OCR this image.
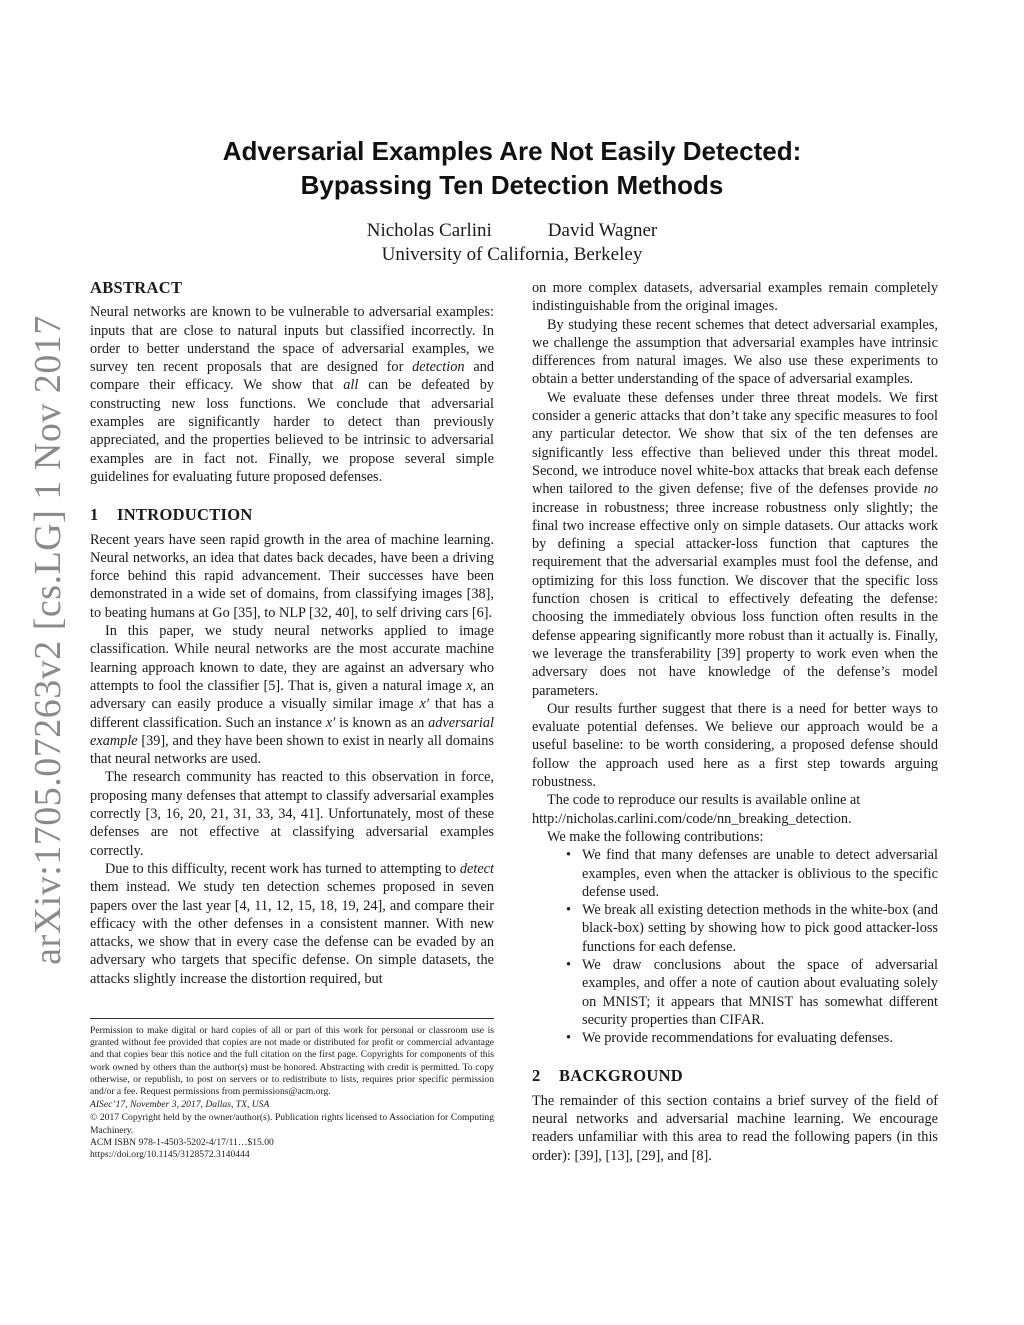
arXiv:1705.07263v2 [cs.LG] 1 Nov 2017
Adversarial Examples Are Not Easily Detected:
Bypassing Ten Detection Methods
Nicholas Carlini	David Wagner
University of California, Berkeley
ABSTRACT

Neural networks are known to be vulnerable to adversarial examples: inputs that are close to natural inputs but classified incorrectly. In order to better understand the space of adversarial examples, we survey ten recent proposals that are designed for detection and compare their efficacy. We show that all can be defeated by constructing new loss functions. We conclude that adversarial examples are significantly harder to detect than previously appreciated, and the properties believed to be intrinsic to adversarial examples are in fact not. Finally, we propose several simple guidelines for evaluating future proposed defenses.

1 INTRODUCTION

Recent years have seen rapid growth in the area of machine learning. Neural networks, an idea that dates back decades, have been a driving force behind this rapid advancement. Their successes have been demonstrated in a wide set of domains, from classifying images [38], to beating humans at Go [35], to NLP [32, 40], to self driving cars [6].

In this paper, we study neural networks applied to image classification. While neural networks are the most accurate machine learning approach known to date, they are against an adversary who attempts to fool the classifier [5]. That is, given a natural image x, an adversary can easily produce a visually similar image x′ that has a different classification. Such an instance x′ is known as an adversarial example [39], and they have been shown to exist in nearly all domains that neural networks are used.

The research community has reacted to this observation in force, proposing many defenses that attempt to classify adversarial examples correctly [3, 16, 20, 21, 31, 33, 34, 41]. Unfortunately, most of these defenses are not effective at classifying adversarial examples correctly.

Due to this difficulty, recent work has turned to attempting to detect them instead. We study ten detection schemes proposed in seven papers over the last year [4, 11, 12, 15, 18, 19, 24], and compare their efficacy with the other defenses in a consistent manner. With new attacks, we show that in every case the defense can be evaded by an adversary who targets that specific defense. On simple datasets, the attacks slightly increase the distortion required, but

Permission to make digital or hard copies of all or part of this work for personal or classroom use is granted without fee provided that copies are not made or distributed for profit or commercial advantage and that copies bear this notice and the full citation on the first page. Copyrights for components of this work owned by others than the author(s) must be honored. Abstracting with credit is permitted. To copy otherwise, or republish, to post on servers or to redistribute to lists, requires prior specific permission and/or a fee. Request permissions from permissions@acm.org.

AISec’17, November 3, 2017, Dallas, TX, USA

© 2017 Copyright held by the owner/author(s). Publication rights licensed to Association for Computing Machinery.

ACM ISBN 978-1-4503-5202-4/17/11…$15.00

https://doi.org/10.1145/3128572.3140444

on more complex datasets, adversarial examples remain completely indistinguishable from the original images.

By studying these recent schemes that detect adversarial examples, we challenge the assumption that adversarial examples have intrinsic differences from natural images. We also use these experiments to obtain a better understanding of the space of adversarial examples.

We evaluate these defenses under three threat models. We first consider a generic attacks that don’t take any specific measures to fool any particular detector. We show that six of the ten defenses are significantly less effective than believed under this threat model. Second, we introduce novel white-box attacks that break each defense when tailored to the given defense; five of the defenses provide no increase in robustness; three increase robustness only slightly; the final two increase effective only on simple datasets. Our attacks work by defining a special attacker-loss function that captures the requirement that the adversarial examples must fool the defense, and optimizing for this loss function. We discover that the specific loss function chosen is critical to effectively defeating the defense: choosing the immediately obvious loss function often results in the defense appearing significantly more robust than it actually is. Finally, we leverage the transferability [39] property to work even when the adversary does not have knowledge of the defense’s model parameters.

Our results further suggest that there is a need for better ways to evaluate potential defenses. We believe our approach would be a useful baseline: to be worth considering, a proposed defense should follow the approach used here as a first step towards arguing robustness.

The code to reproduce our results is available online at

http://nicholas.carlini.com/code/nn_breaking_detection.

We make the following contributions:

• We find that many defenses are unable to detect adversarial examples, even when the attacker is oblivious to the specific defense used.
• We break all existing detection methods in the white-box (and black-box) setting by showing how to pick good attacker-loss functions for each defense.
• We draw conclusions about the space of adversarial examples, and offer a note of caution about evaluating solely on MNIST; it appears that MNIST has somewhat different security properties than CIFAR.
• We provide recommendations for evaluating defenses.
2 BACKGROUND

The remainder of this section contains a brief survey of the field of neural networks and adversarial machine learning. We encourage readers unfamiliar with this area to read the following papers (in this order): [39], [13], [29], and [8].
